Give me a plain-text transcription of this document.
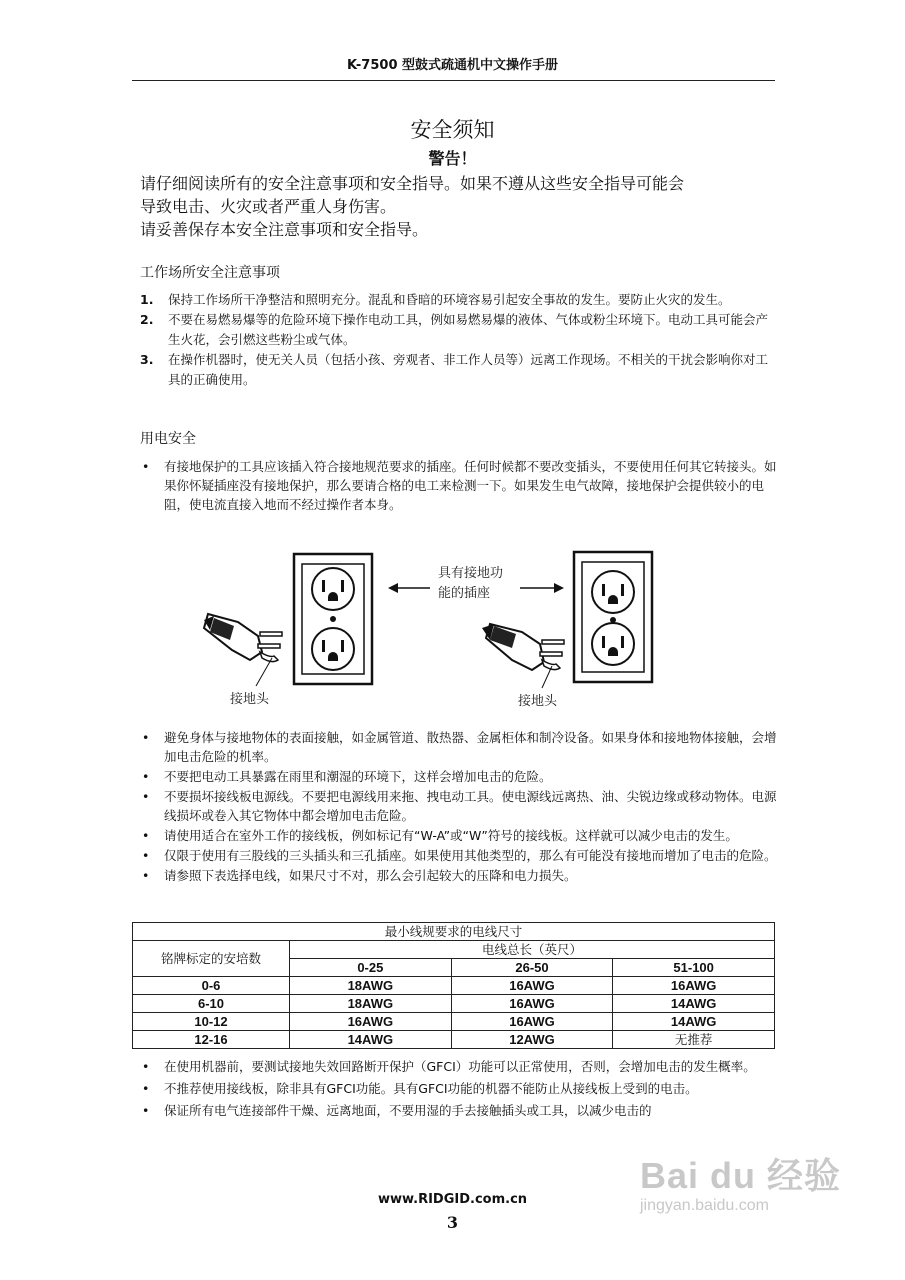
K-7500 型鼓式疏通机中文操作手册
安全须知
警告！

请仔细阅读所有的安全注意事项和安全指导。如果不遵从这些安全指导可能会

导致电击、火灾或者严重人身伤害。

请妥善保存本安全注意事项和安全指导。

工作场所安全注意事项
1. 保持工作场所干净整洁和照明充分。混乱和昏暗的环境容易引起安全事故的发生。要防止火灾的发生。
2. 不要在易燃易爆等的危险环境下操作电动工具，例如易燃易爆的液体、气体或粉尘环境下。电动工具可能会产生火花，会引燃这些粉尘或气体。
3. 在操作机器时，使无关人员（包括小孩、旁观者、非工作人员等）远离工作现场。不相关的干扰会影响你对工具的正确使用。
用电安全
• 有接地保护的工具应该插入符合接地规范要求的插座。任何时候都不要改变插头，不要使用任何其它转接头。如果你怀疑插座没有接地保护，那么要请合格的电工来检测一下。如果发生电气故障，接地保护会提供较小的电阻，使电流直接入地而不经过操作者本身。
具有接地功
能的插座
接地头	接地头
• 避免身体与接地物体的表面接触，如金属管道、散热器、金属柜体和制冷设备。如果身体和接地物体接触，会增加电击危险的机率。
• 不要把电动工具暴露在雨里和潮湿的环境下，这样会增加电击的危险。
• 不要损坏接线板电源线。不要把电源线用来拖、拽电动工具。使电源线远离热、油、尖锐边缘或移动物体。电源线损坏或卷入其它物体中都会增加电击危险。
• 请使用适合在室外工作的接线板，例如标记有“W-A”或“W”符号的接线板。这样就可以减少电击的发生。
• 仅限于使用有三股线的三头插头和三孔插座。如果使用其他类型的，那么有可能没有接地而增加了电击的危险。
• 请参照下表选择电线，如果尺寸不对，那么会引起较大的压降和电力损失。
最小线规要求的电线尺寸			
铭牌标定的安培数	电线总长（英尺）		
	0-25	26-50	51-100
0-6	18AWG	16AWG	16AWG
6-10	18AWG	16AWG	14AWG
10-12	16AWG	16AWG	14AWG
12-16	14AWG	12AWG	无推荐
• 在使用机器前，要测试接地失效回路断开保护（GFCI）功能可以正常使用，否则，会增加电击的发生概率。
• 不推荐使用接线板，除非具有GFCI功能。具有GFCI功能的机器不能防止从接线板上受到的电击。
• 保证所有电气连接部件干燥、远离地面，不要用湿的手去接触插头或工具，以减少电击的
www.RIDGID.com.cn
3
Bai du 经验
jingyan.baidu.com
